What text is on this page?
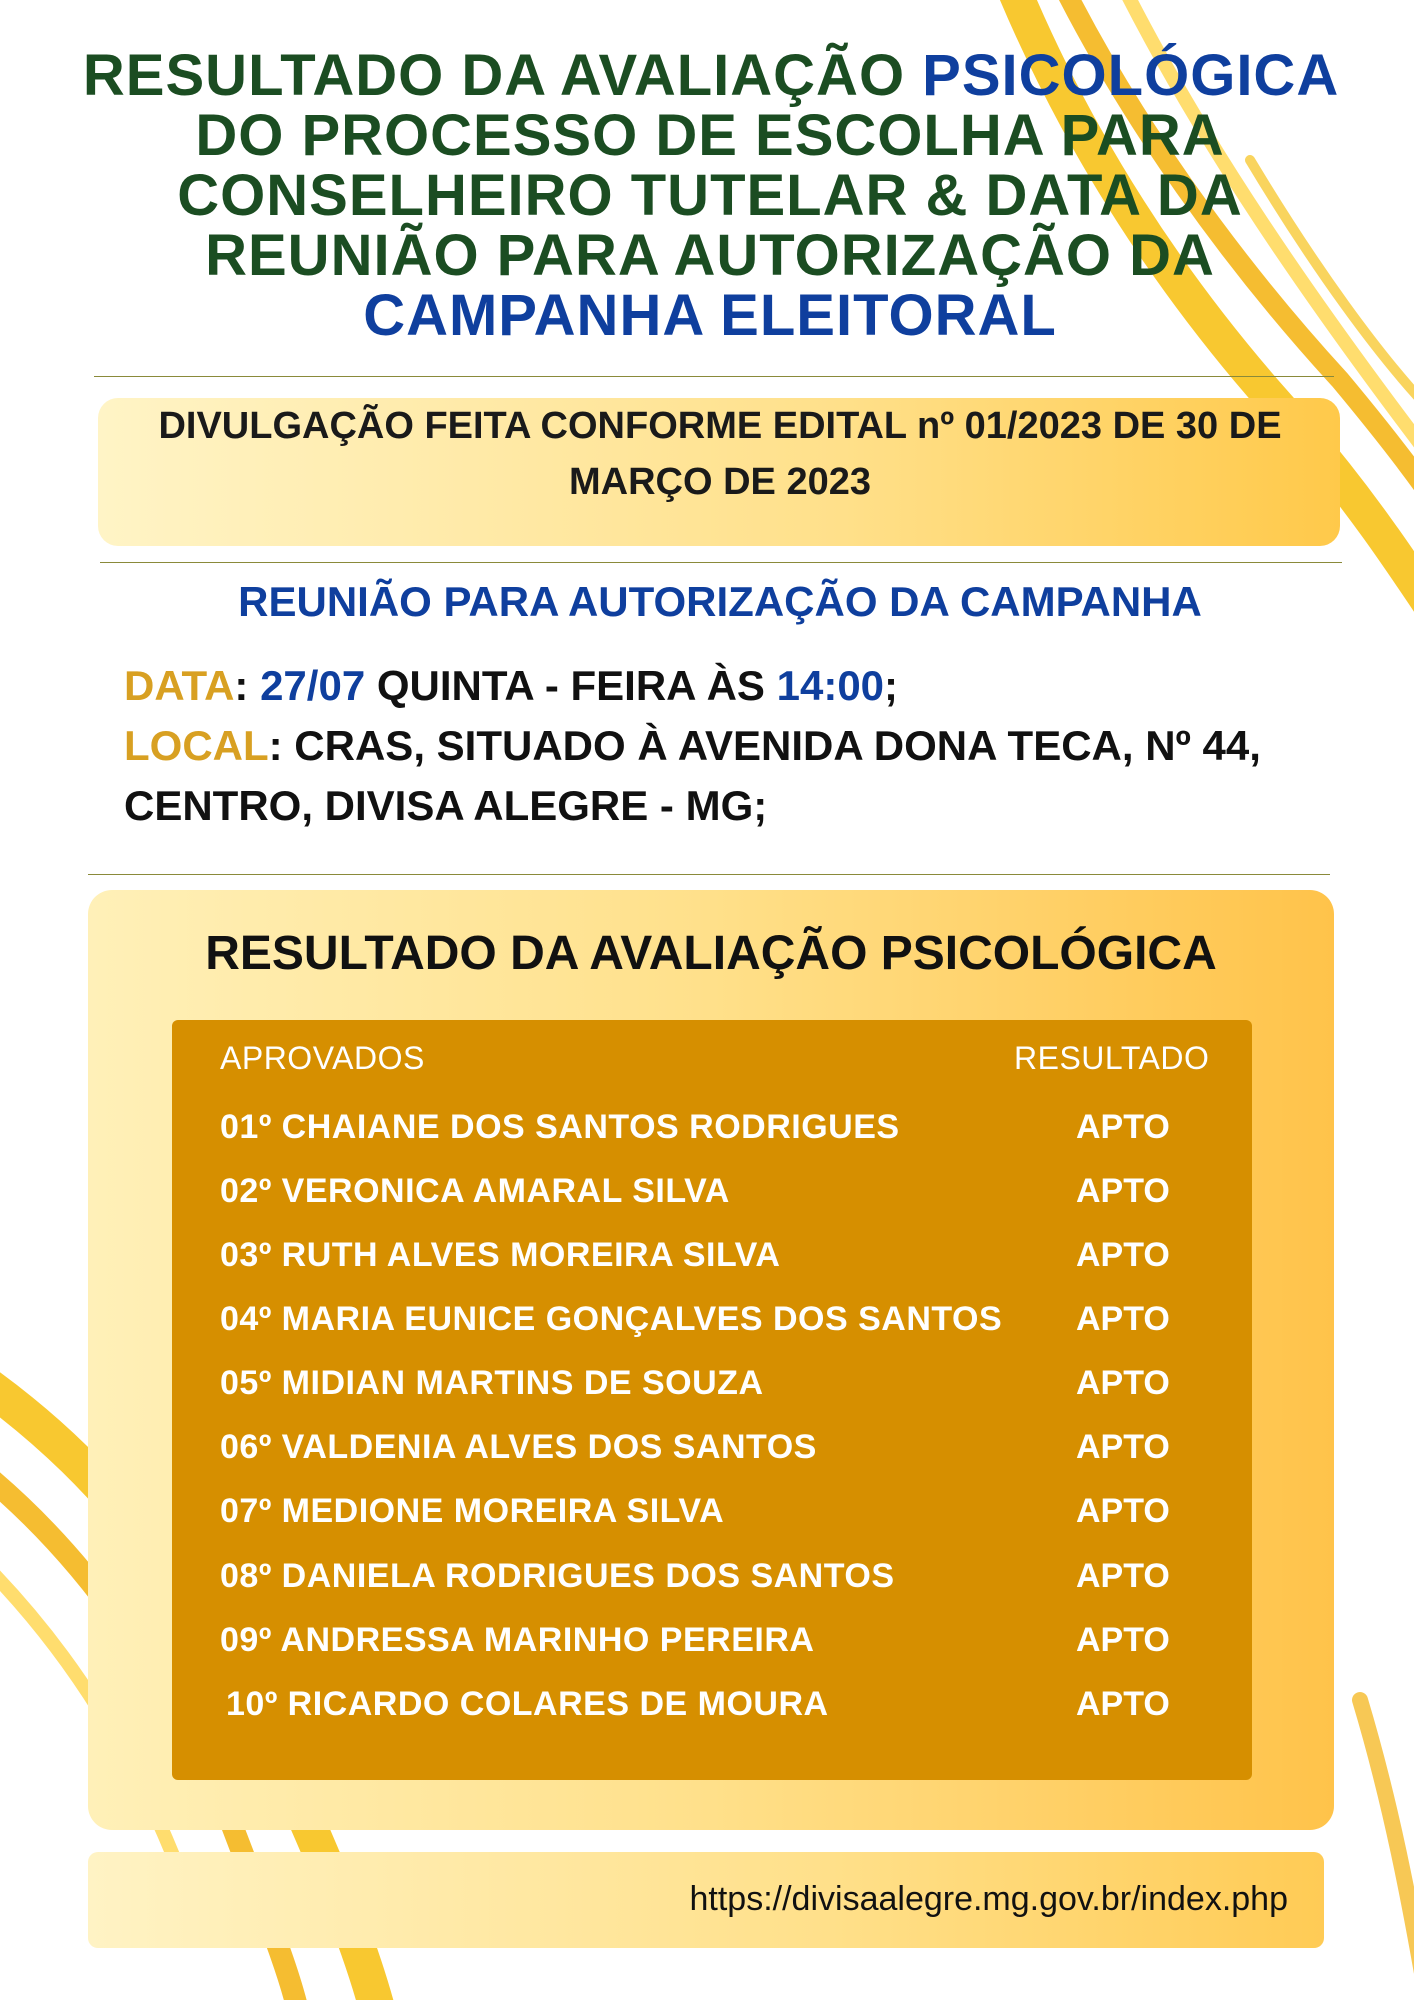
RESULTADO DA AVALIAÇÃO PSICOLÓGICA DO PROCESSO DE ESCOLHA PARA CONSELHEIRO TUTELAR & DATA DA REUNIÃO PARA AUTORIZAÇÃO DA CAMPANHA ELEITORAL
DIVULGAÇÃO FEITA CONFORME EDITAL nº 01/2023 DE 30 DE MARÇO DE 2023
REUNIÃO PARA AUTORIZAÇÃO DA CAMPANHA
DATA: 27/07 QUINTA - FEIRA ÀS 14:00;
LOCAL: CRAS, SITUADO À AVENIDA DONA TECA, Nº 44,
CENTRO, DIVISA ALEGRE - MG;
RESULTADO DA AVALIAÇÃO PSICOLÓGICA
APROVADOS	RESULTADO
01º CHAIANE DOS SANTOS RODRIGUES	APTO
02º VERONICA AMARAL SILVA	APTO
03º RUTH ALVES MOREIRA SILVA	APTO
04º MARIA EUNICE GONÇALVES DOS SANTOS APTO
05º MIDIAN MARTINS DE SOUZA	APTO
06º VALDENIA ALVES DOS SANTOS	APTO
07º MEDIONE MOREIRA SILVA	APTO
08º DANIELA RODRIGUES DOS SANTOS	APTO
09º ANDRESSA MARINHO PEREIRA	APTO
10º RICARDO COLARES DE MOURA	APTO
https://divisaalegre.mg.gov.br/index.php
